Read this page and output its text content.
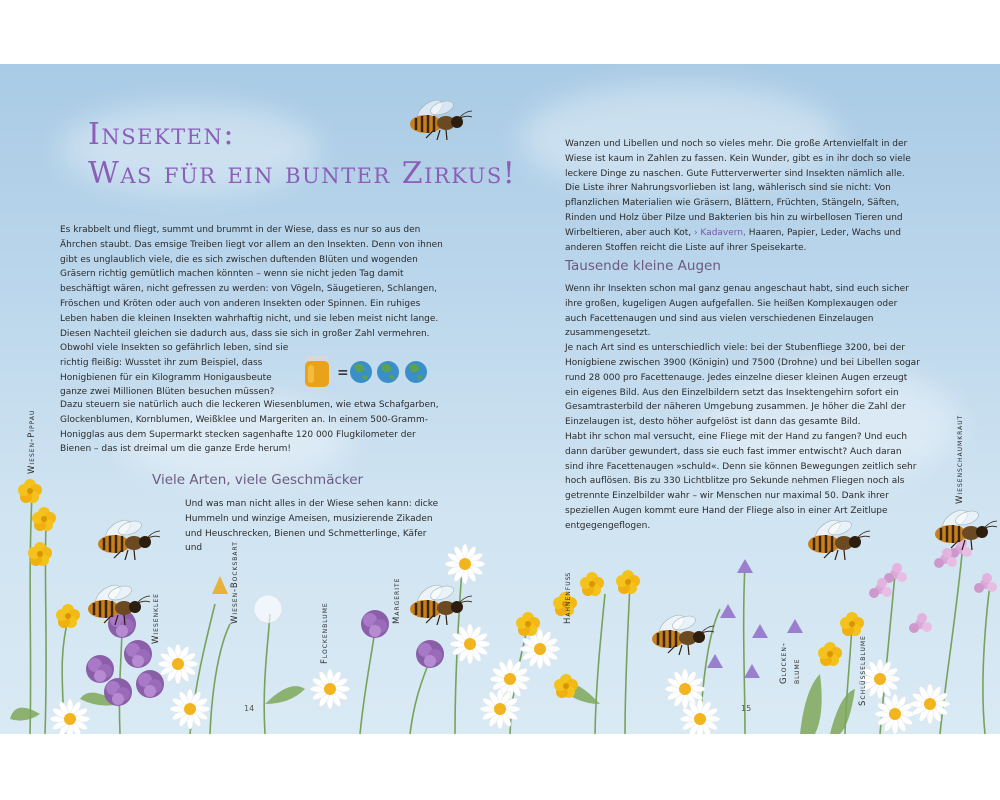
=
Insekten:
Was für ein bunter Zirkus!

Es krabbelt und fliegt, summt und brummt in der Wiese, dass es nur so aus den Ährchen staubt. Das emsige Treiben liegt vor allem an den Insekten. Denn von ihnen gibt es unglaublich viele, die es sich zwischen duftenden Blüten und wogenden Gräsern richtig gemütlich machen könnten – wenn sie nicht jeden Tag damit beschäftigt wären, nicht gefressen zu werden: von Vögeln, Säugetieren, Schlangen, Fröschen und Kröten oder auch von anderen Insekten oder Spinnen. Ein ruhiges Leben haben die kleinen Insekten wahrhaftig nicht, und sie leben meist nicht lange. Diesen Nachteil gleichen sie dadurch aus, dass sie sich in großer Zahl vermehren.

Obwohl viele Insekten so gefährlich leben, sind sie richtig fleißig: Wusstet ihr zum Beispiel, dass Honigbienen für ein Kilogramm Honigausbeute ganze zwei Millionen Blüten besuchen müssen?

Dazu steuern sie natürlich auch die leckeren Wiesenblumen, wie etwa Schafgarben, Glockenblumen, Kornblumen, Weißklee und Margeriten an. In einem 500-Gramm-Honigglas aus dem Supermarkt stecken sagenhafte 120 000 Flugkilometer der Bienen – das ist dreimal um die ganze Erde herum!

Viele Arten, viele Geschmäcker

Und was man nicht alles in der Wiese sehen kann: dicke Hummeln und winzige Ameisen, musizierende Zikaden und Heuschrecken, Bienen und Schmetterlinge, Käfer und

Wanzen und Libellen und noch so vieles mehr. Die große Artenvielfalt in der Wiese ist kaum in Zahlen zu fassen. Kein Wunder, gibt es in ihr doch so viele leckere Dinge zu naschen. Gute Futterverwerter sind Insekten nämlich alle. Die Liste ihrer Nahrungsvorlieben ist lang, wählerisch sind sie nicht: Von pflanzlichen Materialien wie Gräsern, Blättern, Früchten, Stängeln, Säften, Rinden und Holz über Pilze und Bakterien bis hin zu wirbellosen Tieren und Wirbeltieren, aber auch Kot, › Kadavern, Haaren, Papier, Leder, Wachs und anderen Stoffen reicht die Liste auf ihrer Speisekarte.

Tausende kleine Augen
Wenn ihr Insekten schon mal ganz genau angeschaut habt, sind euch sicher ihre großen, kugeligen Augen aufgefallen. Sie heißen Komplexaugen oder auch Facettenaugen und sind aus vielen verschiedenen Einzelaugen zusammengesetzt.
Je nach Art sind es unterschiedlich viele: bei der Stubenfliege 3200, bei der Honigbiene zwischen 3900 (Königin) und 7500 (Drohne) und bei Libellen sogar rund 28 000 pro Facettenauge. Jedes einzelne dieser kleinen Augen erzeugt ein eigenes Bild. Aus den Einzelbildern setzt das Insektengehirn sofort ein Gesamtrasterbild der näheren Umgebung zusammen. Je höher die Zahl der Einzelaugen ist, desto höher aufgelöst ist dann das gesamte Bild.
Habt ihr schon mal versucht, eine Fliege mit der Hand zu fangen? Und euch dann darüber gewundert, dass sie euch fast immer entwischt? Auch daran sind ihre Facettenaugen »schuld«. Denn sie können Bewegungen zeitlich sehr hoch auflösen. Bis zu 330 Lichtblitze pro Sekunde nehmen Fliegen noch als getrennte Einzelbilder wahr – wir Menschen nur maximal 50. Dank ihrer speziellen Augen kommt eure Hand der Fliege also in einer Art Zeitlupe entgegengeflogen.
Wiesen-Pippau
Wiesenklee	Wiesen-Bocksbart
Flockenblume
Margerite	Hahnenfuß
Glocken- blume	Schlüsselblume
Wiesenschaumkraut
14	15
